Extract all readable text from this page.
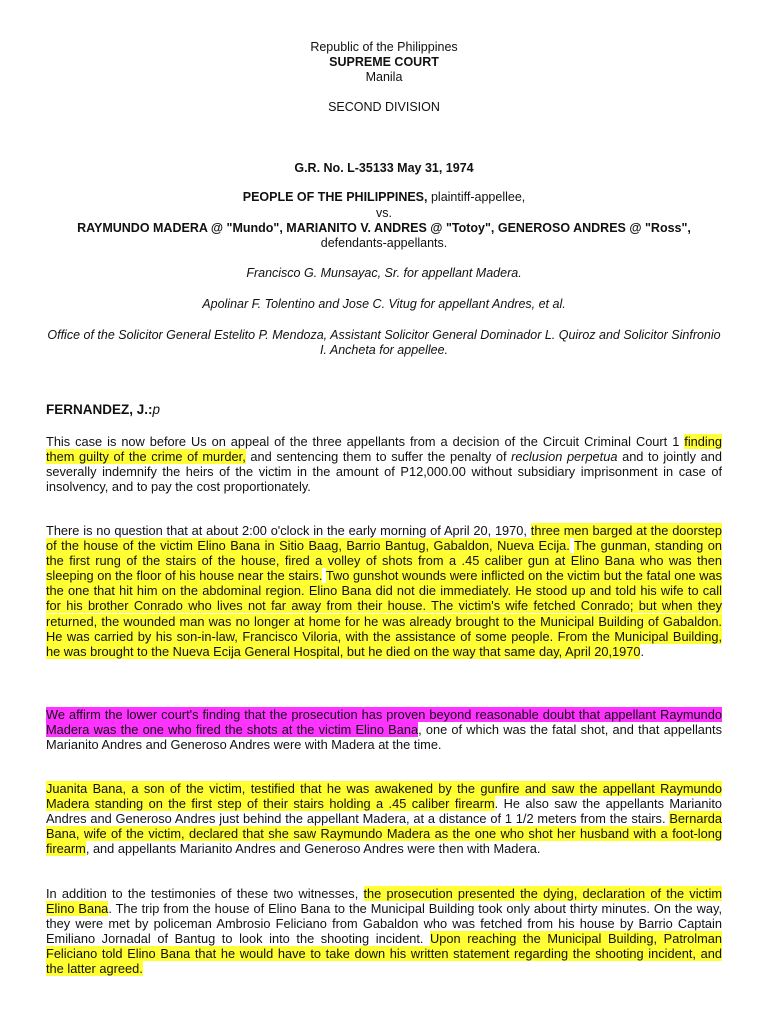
Republic of the Philippines
SUPREME COURT
Manila
SECOND DIVISION
G.R. No. L-35133 May 31, 1974
PEOPLE OF THE PHILIPPINES, plaintiff-appellee,
vs.
RAYMUNDO MADERA @ "Mundo", MARIANITO V. ANDRES @ "Totoy", GENEROSO ANDRES @ "Ross", defendants-appellants.
Francisco G. Munsayac, Sr. for appellant Madera.
Apolinar F. Tolentino and Jose C. Vitug for appellant Andres, et al.
Office of the Solicitor General Estelito P. Mendoza, Assistant Solicitor General Dominador L. Quiroz and Solicitor Sinfronio I. Ancheta for appellee.
FERNANDEZ, J.:p
This case is now before Us on appeal of the three appellants from a decision of the Circuit Criminal Court 1 finding them guilty of the crime of murder, and sentencing them to suffer the penalty of reclusion perpetua and to jointly and severally indemnify the heirs of the victim in the amount of P12,000.00 without subsidiary imprisonment in case of insolvency, and to pay the cost proportionately.
There is no question that at about 2:00 o'clock in the early morning of April 20, 1970, three men barged at the doorstep of the house of the victim Elino Bana in Sitio Baag, Barrio Bantug, Gabaldon, Nueva Ecija. The gunman, standing on the first rung of the stairs of the house, fired a volley of shots from a .45 caliber gun at Elino Bana who was then sleeping on the floor of his house near the stairs. Two gunshot wounds were inflicted on the victim but the fatal one was the one that hit him on the abdominal region. Elino Bana did not die immediately. He stood up and told his wife to call for his brother Conrado who lives not far away from their house. The victim's wife fetched Conrado; but when they returned, the wounded man was no longer at home for he was already brought to the Municipal Building of Gabaldon. He was carried by his son-in-law, Francisco Viloria, with the assistance of some people. From the Municipal Building, he was brought to the Nueva Ecija General Hospital, but he died on the way that same day, April 20,1970.
We affirm the lower court's finding that the prosecution has proven beyond reasonable doubt that appellant Raymundo Madera was the one who fired the shots at the victim Elino Bana, one of which was the fatal shot, and that appellants Marianito Andres and Generoso Andres were with Madera at the time.
Juanita Bana, a son of the victim, testified that he was awakened by the gunfire and saw the appellant Raymundo Madera standing on the first step of their stairs holding a .45 caliber firearm. He also saw the appellants Marianito Andres and Generoso Andres just behind the appellant Madera, at a distance of 1 1/2 meters from the stairs. Bernarda Bana, wife of the victim, declared that she saw Raymundo Madera as the one who shot her husband with a foot-long firearm, and appellants Marianito Andres and Generoso Andres were then with Madera.
In addition to the testimonies of these two witnesses, the prosecution presented the dying, declaration of the victim Elino Bana. The trip from the house of Elino Bana to the Municipal Building took only about thirty minutes. On the way, they were met by policeman Ambrosio Feliciano from Gabaldon who was fetched from his house by Barrio Captain Emiliano Jornadal of Bantug to look into the shooting incident. Upon reaching the Municipal Building, Patrolman Feliciano told Elino Bana that he would have to take down his written statement regarding the shooting incident, and the latter agreed.
